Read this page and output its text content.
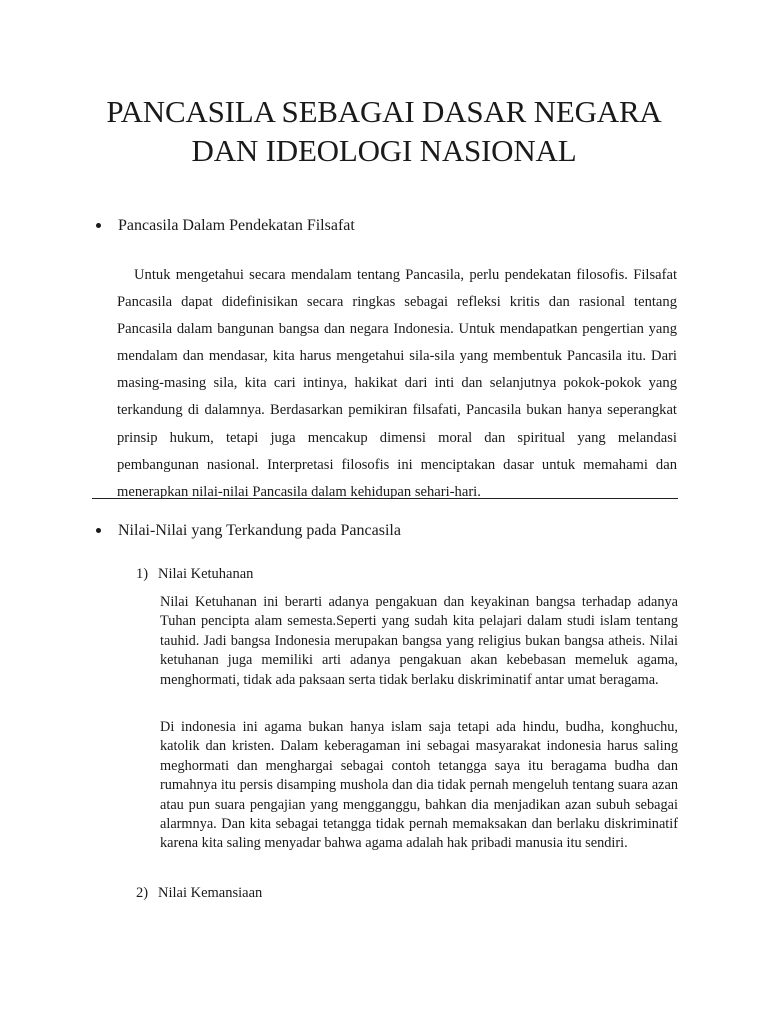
PANCASILA SEBAGAI DASAR NEGARA
DAN IDEOLOGI NASIONAL
Pancasila Dalam Pendekatan Filsafat

Untuk mengetahui secara mendalam tentang Pancasila, perlu pendekatan filosofis. Filsafat Pancasila dapat didefinisikan secara ringkas sebagai refleksi kritis dan rasional tentang Pancasila dalam bangunan bangsa dan negara Indonesia. Untuk mendapatkan pengertian yang mendalam dan mendasar, kita harus mengetahui sila-sila yang membentuk Pancasila itu. Dari masing-masing sila, kita cari intinya, hakikat dari inti dan selanjutnya pokok-pokok yang terkandung di dalamnya. Berdasarkan pemikiran filsafati, Pancasila bukan hanya seperangkat prinsip hukum, tetapi juga mencakup dimensi moral dan spiritual yang melandasi pembangunan nasional. Interpretasi filosofis ini menciptakan dasar untuk memahami dan menerapkan nilai-nilai Pancasila dalam kehidupan sehari-hari.

Nilai-Nilai yang Terkandung pada Pancasila
1) Nilai Ketuhanan

Nilai Ketuhanan ini berarti adanya pengakuan dan keyakinan bangsa terhadap adanya Tuhan pencipta alam semesta.Seperti yang sudah kita pelajari dalam studi islam tentang tauhid. Jadi bangsa Indonesia merupakan bangsa yang religius bukan bangsa atheis. Nilai ketuhanan juga memiliki arti adanya pengakuan akan kebebasan memeluk agama, menghormati, tidak ada paksaan serta tidak berlaku diskriminatif antar umat beragama.

Di indonesia ini agama bukan hanya islam saja tetapi ada hindu, budha, konghuchu, katolik dan kristen. Dalam keberagaman ini sebagai masyarakat indonesia harus saling meghormati dan menghargai sebagai contoh tetangga saya itu beragama budha dan rumahnya itu persis disamping mushola dan dia tidak pernah mengeluh tentang suara azan atau pun suara pengajian yang mengganggu, bahkan dia menjadikan azan subuh sebagai alarmnya. Dan kita sebagai tetangga tidak pernah memaksakan dan berlaku diskriminatif karena kita saling menyadar bahwa agama adalah hak pribadi manusia itu sendiri.

2) Nilai Kemansiaan
